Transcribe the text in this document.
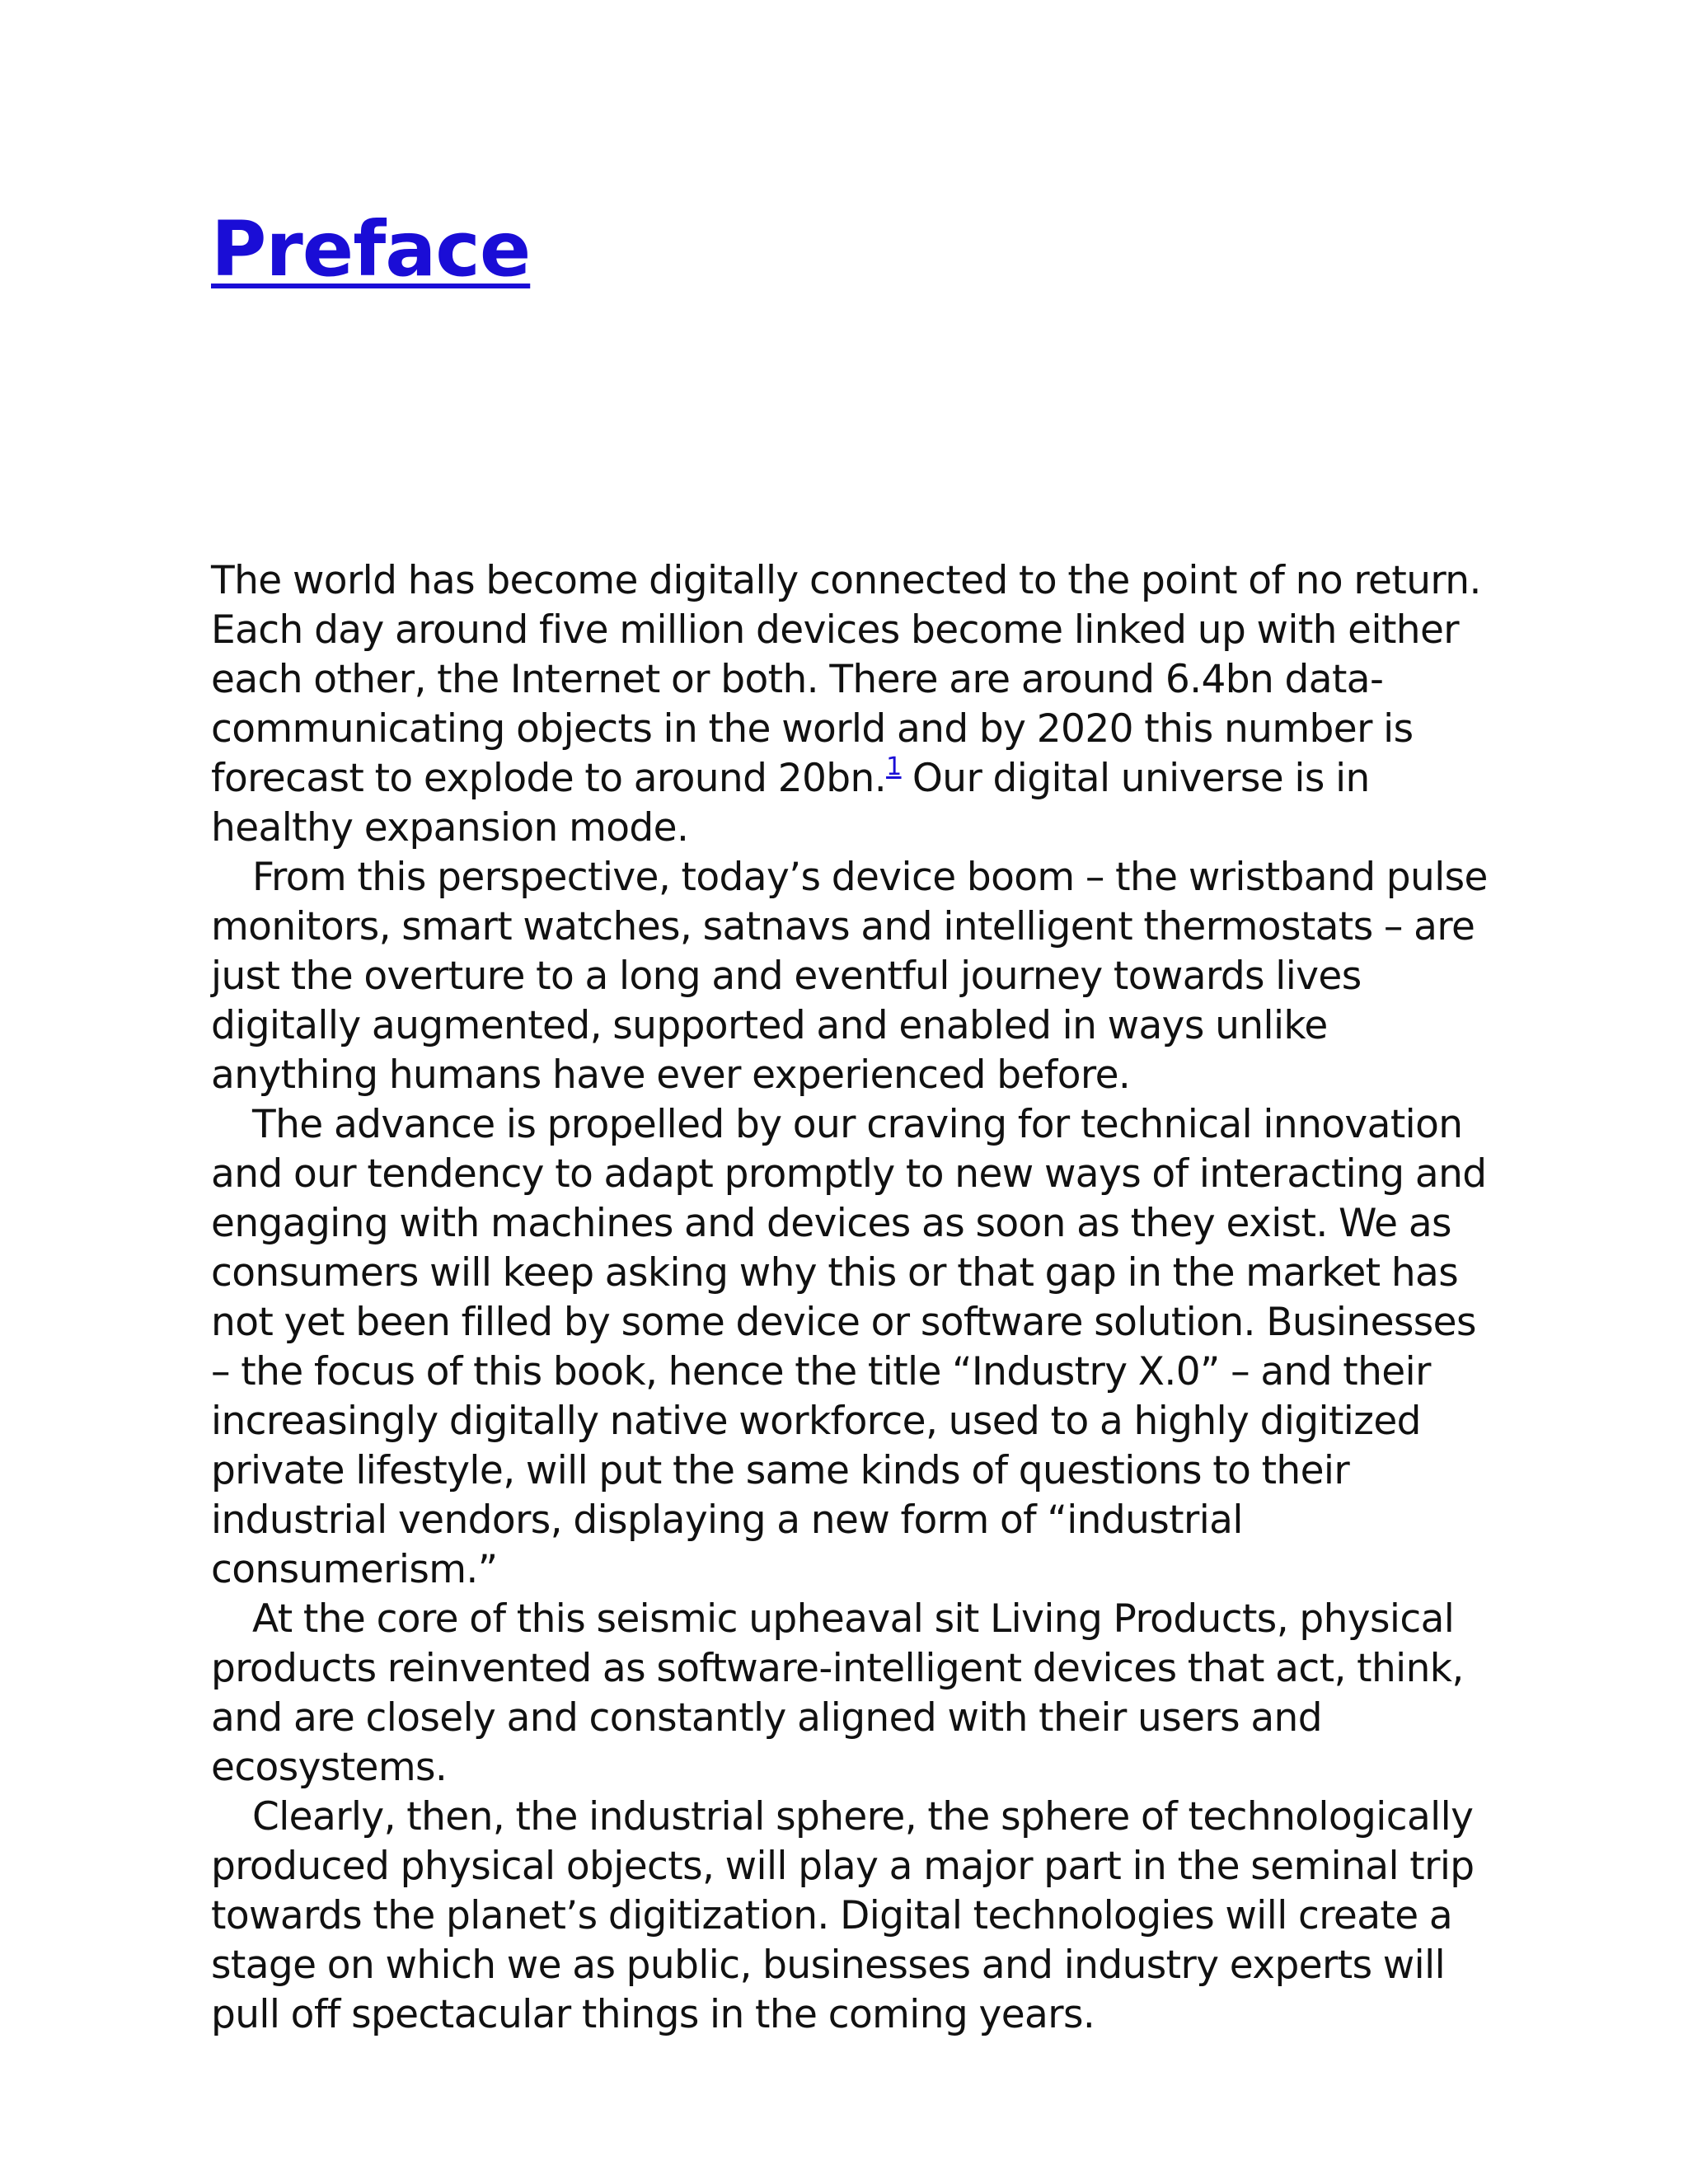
Preface

The world has become digitally connected to the point of no return. Each day around five million devices become linked up with either each other, the Internet or both. There are around 6.4bn data-communicating objects in the world and by 2020 this number is forecast to explode to around 20bn.$^1$ Our digital universe is in healthy expansion mode.

From this perspective, today’s device boom – the wristband pulse monitors, smart watches, satnavs and intelligent thermostats – are just the overture to a long and eventful journey towards lives digitally augmented, supported and enabled in ways unlike anything humans have ever experienced before.

The advance is propelled by our craving for technical innovation and our tendency to adapt promptly to new ways of interacting and engaging with machines and devices as soon as they exist. We as consumers will keep asking why this or that gap in the market has not yet been filled by some device or software solution. Businesses – the focus of this book, hence the title “Industry X.0” – and their increasingly digitally native workforce, used to a highly digitized private lifestyle, will put the same kinds of questions to their industrial vendors, displaying a new form of “industrial consumerism.”

At the core of this seismic upheaval sit Living Products, physical products reinvented as software-intelligent devices that act, think, and are closely and constantly aligned with their users and ecosystems.

Clearly, then, the industrial sphere, the sphere of technologically produced physical objects, will play a major part in the seminal trip towards the planet’s digitization. Digital technologies will create a stage on which we as public, businesses and industry experts will pull off spectacular things in the coming years.
